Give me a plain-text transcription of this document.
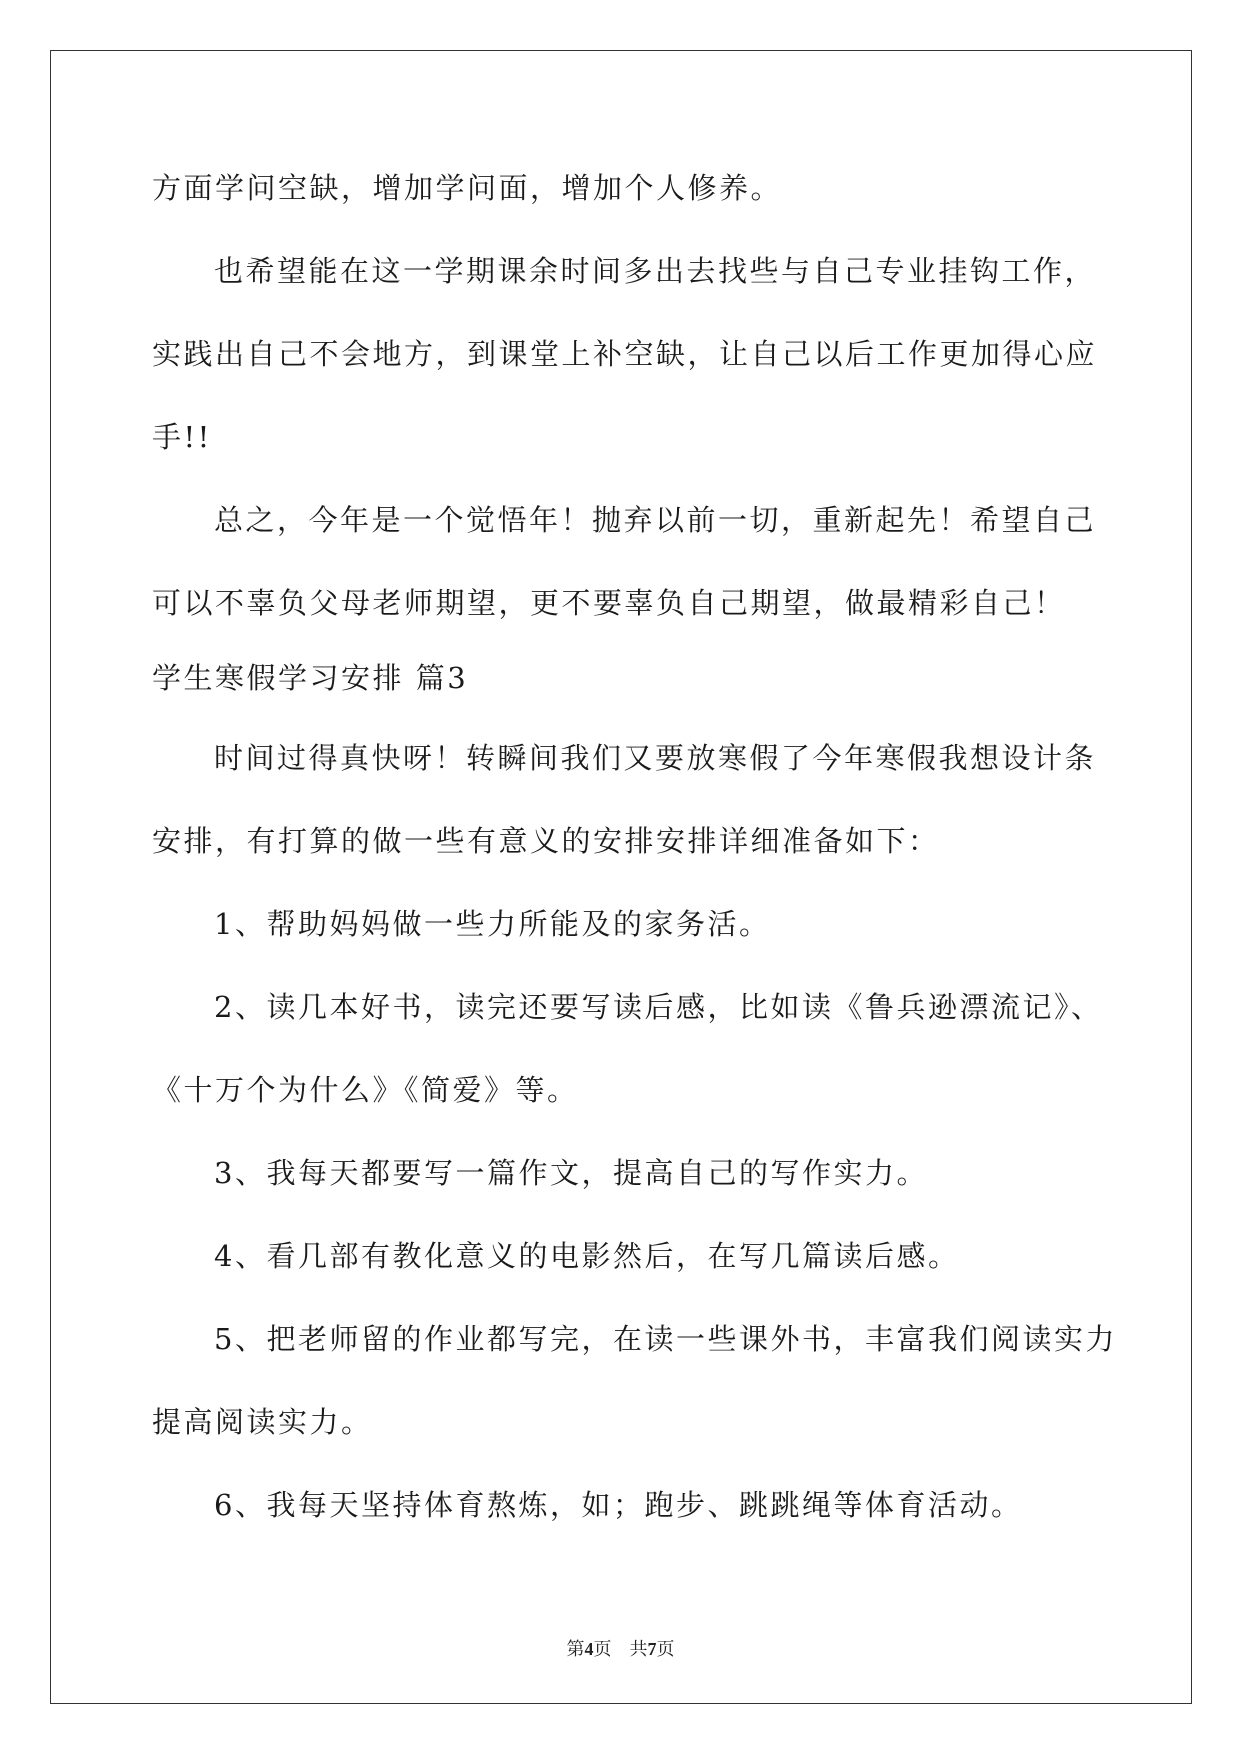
方面学问空缺，增加学问面，增加个人修养。
也希望能在这一学期课余时间多出去找些与自己专业挂钩工作，
实践出自己不会地方，到课堂上补空缺，让自己以后工作更加得心应
手!!
总之，今年是一个觉悟年！抛弃以前一切，重新起先！希望自己
可以不辜负父母老师期望，更不要辜负自己期望，做最精彩自己！
学生寒假学习安排 篇3
时间过得真快呀！转瞬间我们又要放寒假了今年寒假我想设计条
安排，有打算的做一些有意义的安排安排详细准备如下：
1、帮助妈妈做一些力所能及的家务活。
2、读几本好书，读完还要写读后感，比如读《鲁兵逊漂流记》、
《十万个为什么》《简爱》等。
3、我每天都要写一篇作文，提高自己的写作实力。
4、看几部有教化意义的电影然后，在写几篇读后感。
5、把老师留的作业都写完，在读一些课外书，丰富我们阅读实力
提高阅读实力。
6、我每天坚持体育熬炼，如；跑步、跳跳绳等体育活动。
第4页 共7页
